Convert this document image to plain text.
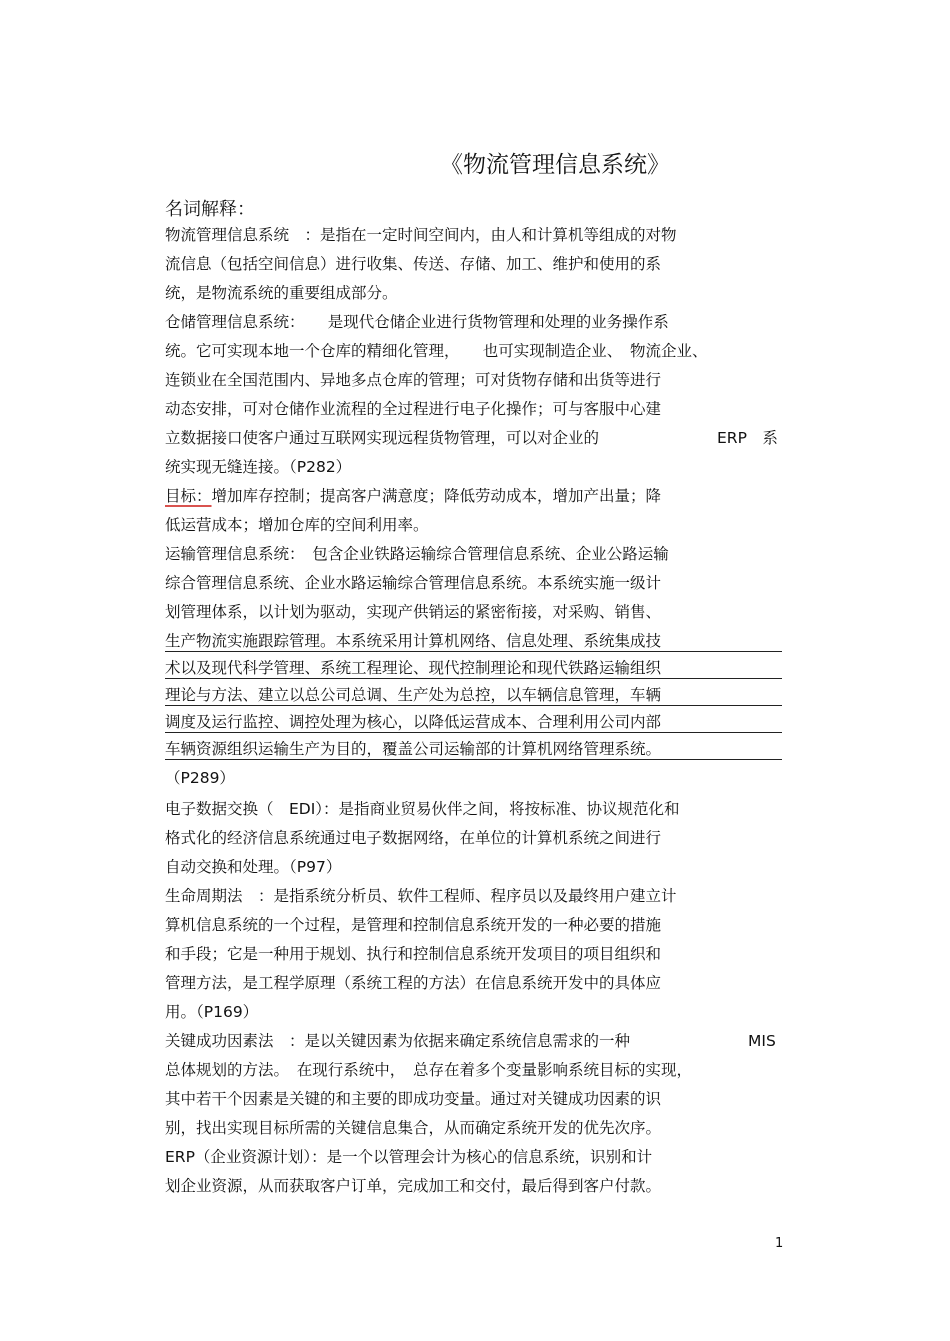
《物流管理信息系统》
名词解释：
物流管理信息系统　：是指在一定时间空间内，由人和计算机等组成的对物
流信息（包括空间信息）进行收集、传送、存储、加工、维护和使用的系
统，是物流系统的重要组成部分。
仓储管理信息系统：　　是现代仓储企业进行货物管理和处理的业务操作系
统。它可实现本地一个仓库的精细化管理，　　也可实现制造企业、　物流企业、
连锁业在全国范围内、异地多点仓库的管理；可对货物存储和出货等进行
动态安排，可对仓储作业流程的全过程进行电子化操作；可与客服中心建
立数据接口使客户通过互联网实现远程货物管理，可以对企业的	ERP　系
统实现无缝连接。（P282）
目标：增加库存控制；提高客户满意度；降低劳动成本，增加产出量；降
低运营成本；增加仓库的空间利用率。
运输管理信息系统：　包含企业铁路运输综合管理信息系统、企业公路运输
综合管理信息系统、企业水路运输综合管理信息系统。本系统实施一级计
划管理体系，以计划为驱动，实现产供销运的紧密衔接，对采购、销售、
生产物流实施跟踪管理。本系统采用计算机网络、信息处理、系统集成技
术以及现代科学管理、系统工程理论、现代控制理论和现代铁路运输组织
理论与方法、建立以总公司总调、生产处为总控，以车辆信息管理，车辆
调度及运行监控、调控处理为核心，以降低运营成本、合理利用公司内部
车辆资源组织运输生产为目的，覆盖公司运输部的计算机网络管理系统。
（P289）
电子数据交换（　EDI）：是指商业贸易伙伴之间，将按标准、协议规范化和
格式化的经济信息系统通过电子数据网络，在单位的计算机系统之间进行
自动交换和处理。（P97）
生命周期法　：是指系统分析员、软件工程师、程序员以及最终用户建立计
算机信息系统的一个过程，是管理和控制信息系统开发的一种必要的措施
和手段；它是一种用于规划、执行和控制信息系统开发项目的项目组织和
管理方法，是工程学原理（系统工程的方法）在信息系统开发中的具体应
用。（P169）
关键成功因素法　：是以关键因素为依据来确定系统信息需求的一种	MIS
总体规划的方法。　在现行系统中，　总存在着多个变量影响系统目标的实现，
其中若干个因素是关键的和主要的即成功变量。通过对关键成功因素的识
别，找出实现目标所需的关键信息集合，从而确定系统开发的优先次序。
ERP（企业资源计划）：是一个以管理会计为核心的信息系统，识别和计
划企业资源，从而获取客户订单，完成加工和交付，最后得到客户付款。
1
